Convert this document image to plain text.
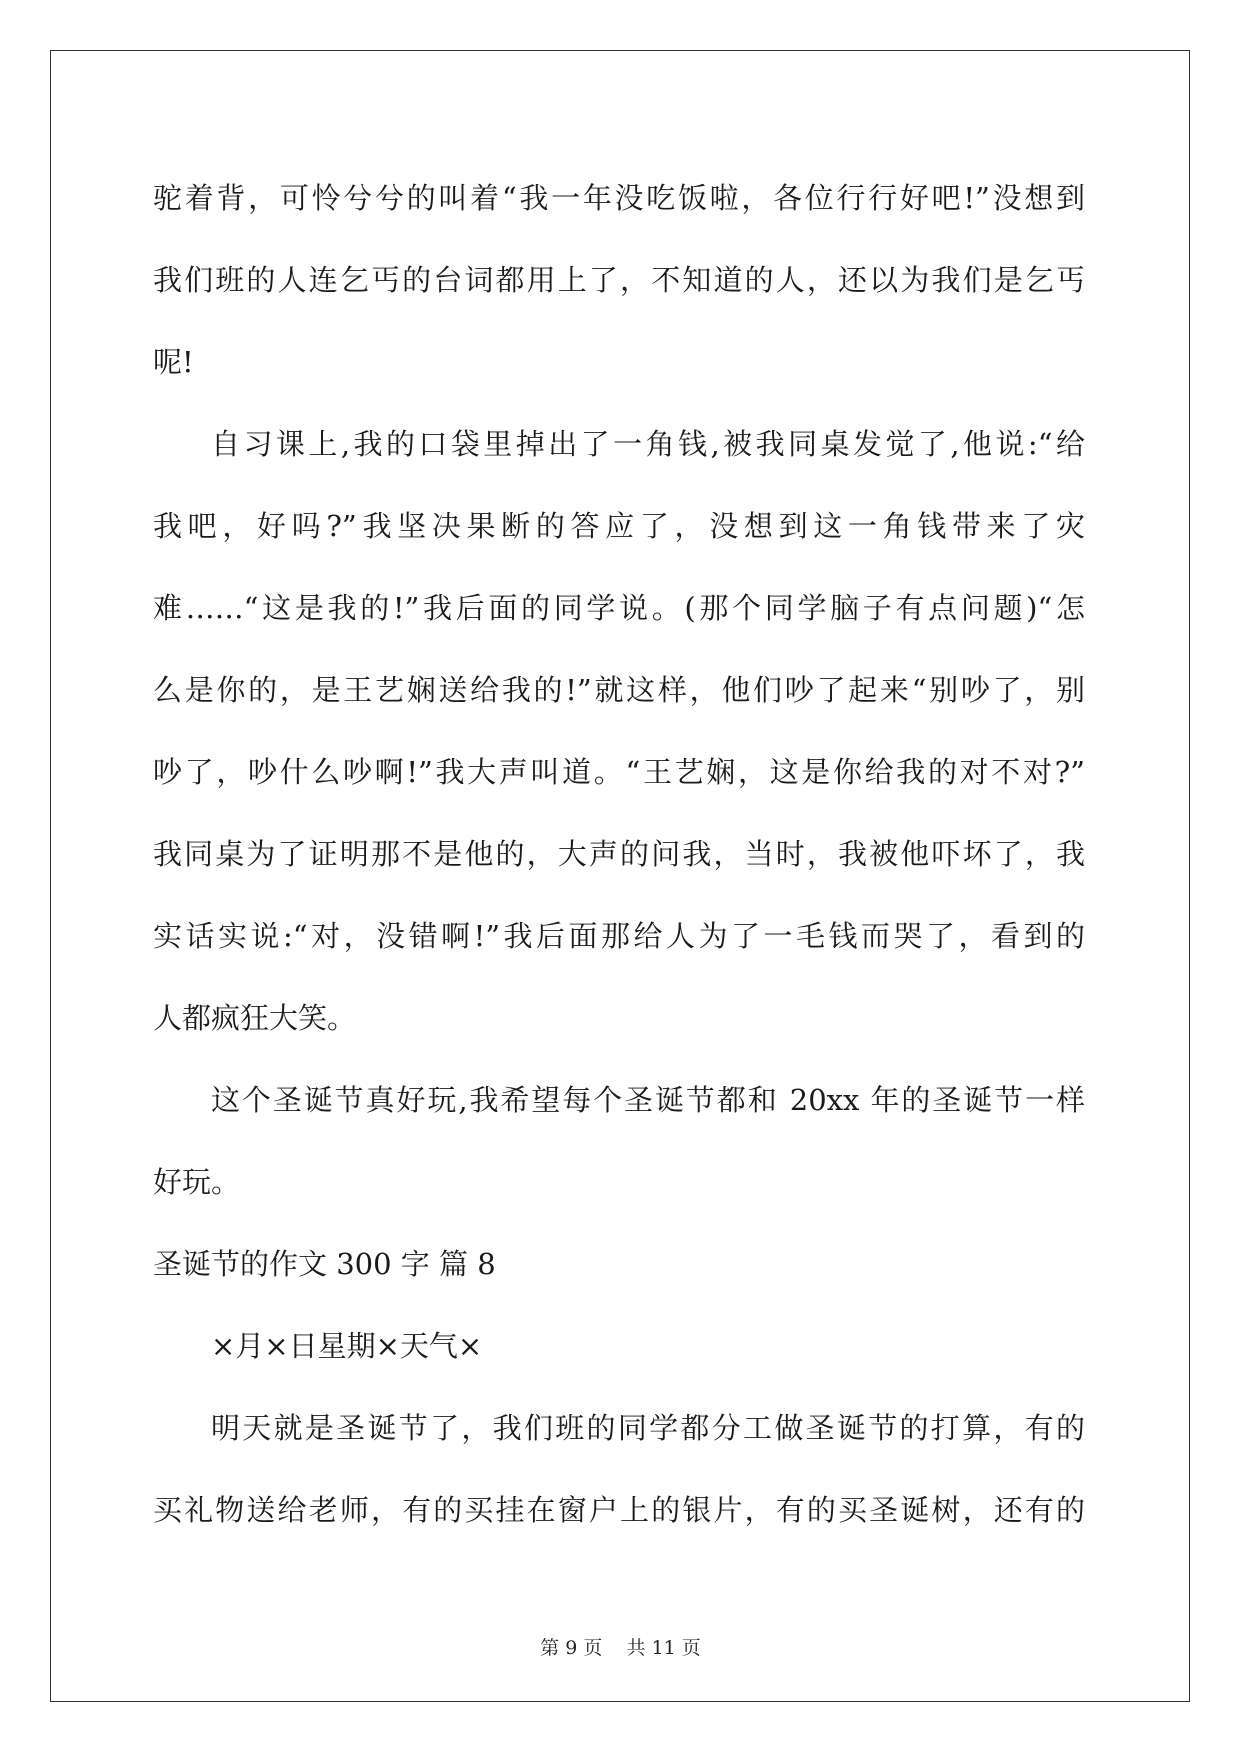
驼着背，可怜兮兮的叫着“我一年没吃饭啦，各位行行好吧!”没想到
我们班的人连乞丐的台词都用上了，不知道的人，还以为我们是乞丐
呢!
自习课上,我的口袋里掉出了一角钱,被我同桌发觉了,他说:“给
我吧，好吗?”我坚决果断的答应了，没想到这一角钱带来了灾
难……“这是我的!”我后面的同学说。(那个同学脑子有点问题)“怎
么是你的，是王艺娴送给我的!”就这样，他们吵了起来“别吵了，别
吵了，吵什么吵啊!”我大声叫道。“王艺娴，这是你给我的对不对?”
我同桌为了证明那不是他的，大声的问我，当时，我被他吓坏了，我
实话实说:“对，没错啊!”我后面那给人为了一毛钱而哭了，看到的
人都疯狂大笑。
这个圣诞节真好玩,我希望每个圣诞节都和 20xx 年的圣诞节一样
好玩。
圣诞节的作文 300 字 篇 8
×月×日星期×天气×
明天就是圣诞节了，我们班的同学都分工做圣诞节的打算，有的
买礼物送给老师，有的买挂在窗户上的银片，有的买圣诞树，还有的
第 9 页    共 11 页
